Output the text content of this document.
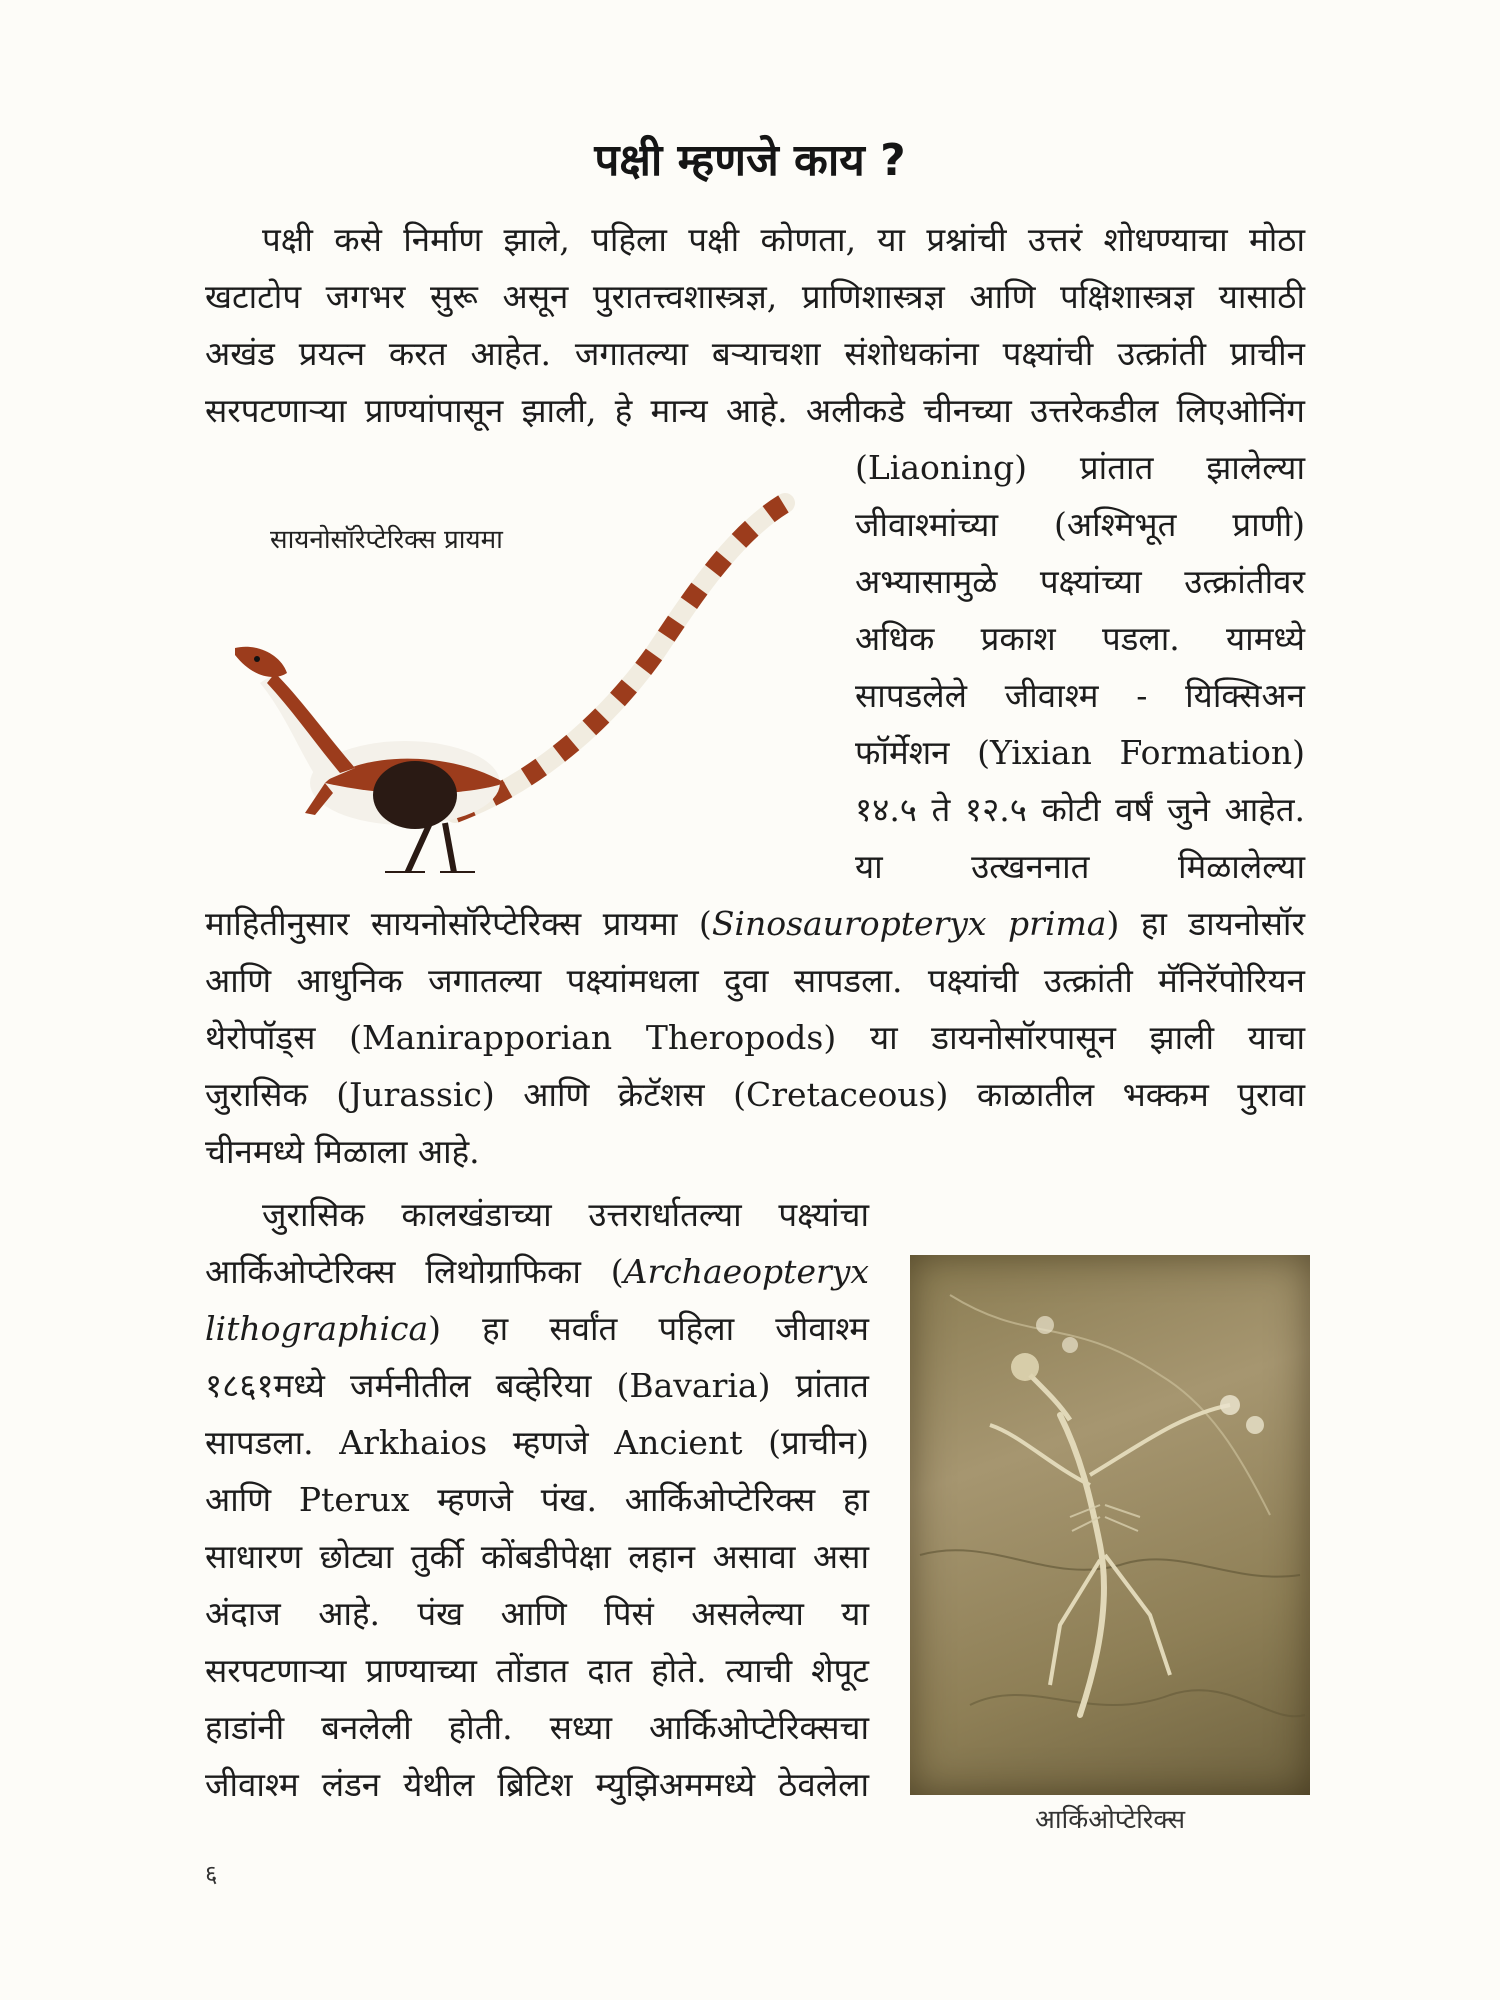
पक्षी म्हणजे काय ?
पक्षी कसे निर्माण झाले, पहिला पक्षी कोणता, या प्रश्नांची उत्तरं शोधण्याचा मोठा
खटाटोप जगभर सुरू असून पुरातत्त्वशास्त्रज्ञ, प्राणिशास्त्रज्ञ आणि पक्षिशास्त्रज्ञ यासाठी
अखंड प्रयत्न करत आहेत. जगातल्या बऱ्याचशा संशोधकांना पक्ष्यांची उत्क्रांती प्राचीन
सरपटणाऱ्या प्राण्यांपासून झाली, हे मान्य आहे. अलीकडे चीनच्या उत्तरेकडील लिएओनिंग
(Liaoning) प्रांतात झालेल्या
जीवाश्मांच्या (अश्मिभूत प्राणी)
अभ्यासामुळे पक्ष्यांच्या उत्क्रांतीवर
अधिक प्रकाश पडला. यामध्ये
सापडलेले जीवाश्म - यिक्सिअन
फॉर्मेशन (Yixian Formation)
१४.५ ते १२.५ कोटी वर्षं जुने आहेत.
या उत्खननात मिळालेल्या
माहितीनुसार सायनोसॉरेप्टेरिक्स प्रायमा (Sinosauropteryx prima) हा डायनोसॉर
आणि आधुनिक जगातल्या पक्ष्यांमधला दुवा सापडला. पक्ष्यांची उत्क्रांती मॅनिरॅपोरियन
थेरोपॉड्स (Manirapporian Theropods) या डायनोसॉरपासून झाली याचा
जुरासिक (Jurassic) आणि क्रेटॅशस (Cretaceous) काळातील भक्कम पुरावा
चीनमध्ये मिळाला आहे.
सायनोसॉरेप्टेरिक्स प्रायमा
जुरासिक कालखंडाच्या उत्तरार्धातल्या पक्ष्यांचा
आर्किओप्टेरिक्स लिथोग्राफिका (Archaeopteryx
lithographica) हा सर्वांत पहिला जीवाश्म
१८६१मध्ये जर्मनीतील बव्हेरिया (Bavaria) प्रांतात
सापडला. Arkhaios म्हणजे Ancient (प्राचीन)
आणि Pterux म्हणजे पंख. आर्किओप्टेरिक्स हा
साधारण छोट्या तुर्की कोंबडीपेक्षा लहान असावा असा
अंदाज आहे. पंख आणि पिसं असलेल्या या
सरपटणाऱ्या प्राण्याच्या तोंडात दात होते. त्याची शेपूट
हाडांनी बनलेली होती. सध्या आर्किओप्टेरिक्सचा
जीवाश्म लंडन येथील ब्रिटिश म्युझिअममध्ये ठेवलेला
आर्किओप्टेरिक्स
६
